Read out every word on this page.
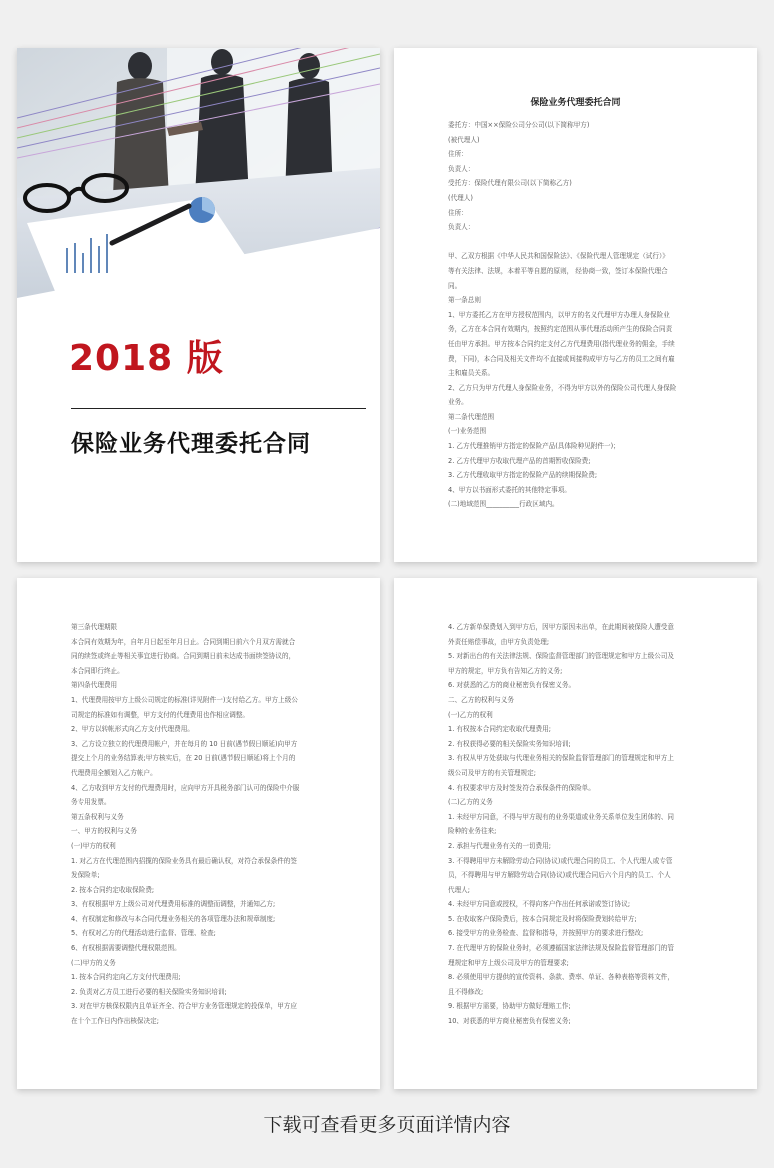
2018 版
保险业务代理委托合同
保险业务代理委托合同

委托方：中国××保险公司分公司(以下简称甲方)

(被代理人)

住所：

负责人：

受托方：保险代理有限公司(以下简称乙方)

(代理人)

住所：

负责人：

甲、乙双方根据《中华人民共和国保险法》、《保险代理人管理规定（试行）》

等有关法律、法规，本着平等自愿的原则， 经协商一致，签订本保险代理合

同。

第一条总则

1、甲方委托乙方在甲方授权范围内，以甲方的名义代理甲方办理人身保险业

务，乙方在本合同有效期内，按照约定范围从事代理活动所产生的保险合同责

任由甲方承担。甲方按本合同约定支付乙方代理费用(指代理业务的佣金，手续

费，下同)，本合同及相关文件均不直接或间接构成甲方与乙方的员工之间有雇

主和雇员关系。

2、乙方只为甲方代理人身保险业务，不得为甲方以外的保险公司代理人身保险

业务。

第二条代理范围

(一)业务范围

1. 乙方代理推销甲方指定的保险产品(具体险种见附件一)；

2. 乙方代理甲方收取代理产品的首期暂收保险费;

3. 乙方代理收取甲方指定的保险产品的续期保险费;

4、甲方以书面形式委托的其他特定事项。

(二)地域范围__________行政区域内。

第三条代理期限

本合同有效期为年，自年月日起至年月日止。合同到期日前六个月双方需就合

同的续签或终止等相关事宜进行协商。合同到期日前未达成书面续签协议的，

本合同即行终止。

第四条代理费用

1、代理费用按甲方上级公司规定的标准(详见附件一)支付给乙方。甲方上级公

司规定的标准如有调整，甲方支付的代理费用也作相应调整。

2、甲方以转帐形式向乙方支付代理费用。

3、乙方设立独立的代理费用帐户，并在每月的 10 日前(遇节假日顺延)向甲方

提交上个月的业务结算表;甲方核实后，在 20 日前(遇节假日顺延)将上个月的

代理费用全额划入乙方帐户。

4、乙方收到甲方支付的代理费用时，应向甲方开具税务部门认可的保险中介服

务专用发票。

第五条权利与义务

一、甲方的权利与义务

(一)甲方的权利

1. 对乙方在代理范围内招揽的保险业务具有最后确认权，对符合承保条件的签

发保险单;

2. 按本合同约定收取保险费;

3、有权根据甲方上级公司对代理费用标准的调整而调整，并通知乙方;

4、有权制定和修改与本合同代理业务相关的各项管理办法和规章制度;

5、有权对乙方的代理活动进行监督、管理、检查;

6、有权根据需要调整代理权限范围。

(二)甲方的义务

1. 按本合同约定向乙方支付代理费用;

2. 负责对乙方员工进行必要的相关保险实务知识培训;

3. 对在甲方核保权限内且单证齐全、符合甲方业务管理规定的投保单，甲方应

在十个工作日内作出核保决定;

4. 乙方新单保费划入到甲方后，因甲方原因未出单，在此期间被保险人遭受意

外责任赔偿事故，由甲方负责处理;

5. 对新出台的有关法律法规、保险监督管理部门的管理规定和甲方上级公司及

甲方的规定，甲方负有告知乙方的义务;

6. 对获悉的乙方的商业秘密负有保密义务。

二、乙方的权利与义务

(一)乙方的权利

1. 有权按本合同约定收取代理费用;

2. 有权获得必要的相关保险实务知识培训;

3. 有权从甲方处获取与代理业务相关的保险监督管理部门的管理规定和甲方上

级公司及甲方的有关管理规定;

4. 有权要求甲方及时签发符合承保条件的保险单。

(二)乙方的义务

1. 未经甲方同意，不得与甲方现有的业务渠道或业务关系单位发生团体的、同

险种的业务往来;

2. 承担与代理业务有关的一切费用;

3. 不得聘用甲方未解除劳动合同(协议)或代理合同的员工、个人代理人或专管

员，不得聘用与甲方解除劳动合同(协议)或代理合同后六个月内的员工、个人

代理人;

4. 未经甲方同意或授权，不得向客户作出任何承诺或签订协议;

5. 在收取客户保险费后，按本合同规定及时将保险费划转给甲方;

6. 接受甲方的业务检查、监督和指导，并按照甲方的要求进行整改;

7. 在代理甲方的保险业务时，必须遵循国家法律法规及保险监督管理部门的管

理规定和甲方上级公司及甲方的管理要求;

8. 必须使用甲方提供的宣传资料、条款、费率、单证、各种表格等资料文件，

且不得修改;

9. 根据甲方需要，协助甲方做好理赔工作;

10、对获悉的甲方商业秘密负有保密义务;

下载可查看更多页面详情内容
